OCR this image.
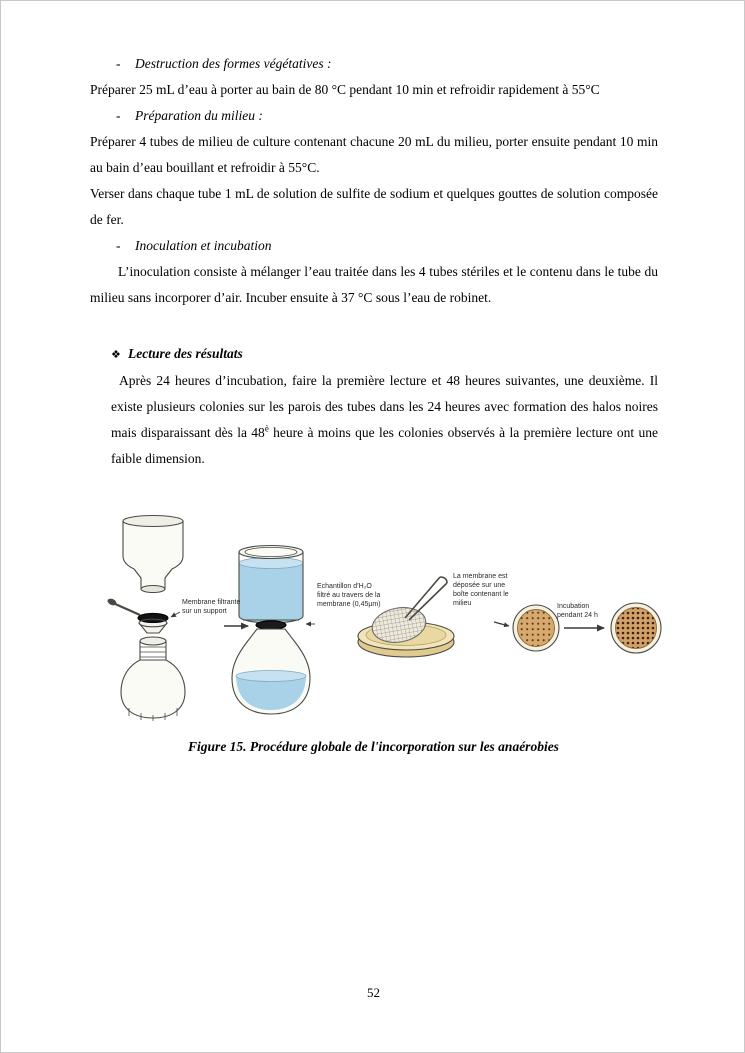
- Destruction des formes végétatives :

Préparer 25 mL d’eau à porter au bain de 80 °C pendant 10 min et refroidir rapidement à 55°C

- Préparation du milieu :

Préparer 4 tubes de milieu de culture contenant chacune 20 mL du milieu, porter ensuite pendant 10 min au bain d’eau bouillant et refroidir à 55°C.

Verser dans chaque tube 1 mL de solution de sulfite de sodium et quelques gouttes de solution composée de fer.

- Inoculation et incubation

L’inoculation consiste à mélanger l’eau traitée dans les 4 tubes stériles et le contenu dans le tube du milieu sans incorporer d’air. Incuber ensuite à 37 °C sous l’eau de robinet.

❖ Lecture des résultats

Après 24 heures d’incubation, faire la première lecture et 48 heures suivantes, une deuxième. Il existe plusieurs colonies sur les parois des tubes dans les 24 heures avec formation des halos noires mais disparaissant dès la $48^è$ heure à moins que les colonies observés à la première lecture ont une faible dimension.

Membrane filtrante sur un support
Echantillon d’H₂O filtré au travers de la membrane (0,45µm)
La membrane est déposée sur une boîte contenant le milieu	Incubation pendant 24 h
Figure 15. Procédure globale de l'incorporation sur les anaérobies
52
